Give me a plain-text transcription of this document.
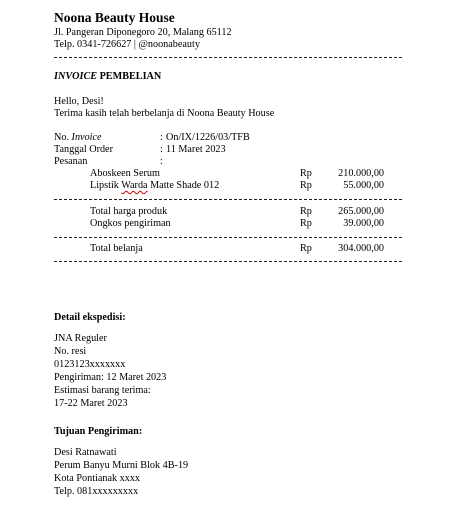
Noona Beauty House
Jl. Pangeran Diponegoro 20, Malang 65112
Telp. 0341-726627 | @noonabeauty
INVOICE PEMBELIAN
Hello, Desi!
Terima kasih telah berbelanja di Noona Beauty House
No. Invoice	: On/IX/1226/03/TFB
Tanggal Order	: 11 Maret 2023
Pesanan	:
Aboskeen Serum	Rp	210.000,00
Lipstik Warda Matte Shade 012	Rp	55.000,00
Total harga produk	Rp	265.000,00
Ongkos pengiriman	Rp	39.000,00
Total belanja	Rp	304.000,00
Detail ekspedisi:
JNA Reguler
No. resi
0123123xxxxxxx
Pengiriman: 12 Maret 2023
Estimasi barang terima:
17-22 Maret 2023
Tujuan Pengiriman:
Desi Ratnawati
Perum Banyu Murni Blok 4B-19
Kota Pontianak xxxx
Telp. 081xxxxxxxxx
